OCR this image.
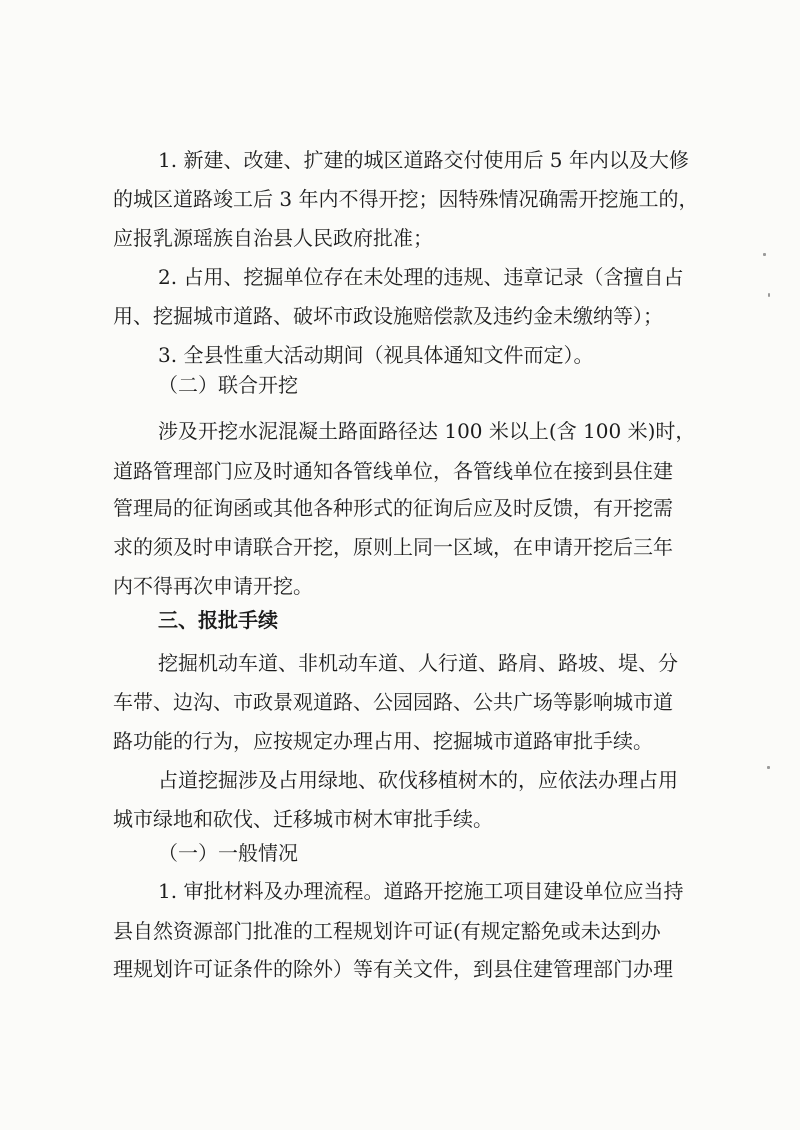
1. 新建、改建、扩建的城区道路交付使用后 5 年内以及大修
的城区道路竣工后 3 年内不得开挖；因特殊情况确需开挖施工的，
应报乳源瑶族自治县人民政府批准；
2. 占用、挖掘单位存在未处理的违规、违章记录（含擅自占
用、挖掘城市道路、破坏市政设施赔偿款及违约金未缴纳等）；
3. 全县性重大活动期间（视具体通知文件而定）。
（二）联合开挖
涉及开挖水泥混凝土路面路径达 100 米以上(含 100 米)时，
道路管理部门应及时通知各管线单位，各管线单位在接到县住建
管理局的征询函或其他各种形式的征询后应及时反馈，有开挖需
求的须及时申请联合开挖，原则上同一区域，在申请开挖后三年
内不得再次申请开挖。
三、报批手续
挖掘机动车道、非机动车道、人行道、路肩、路坡、堤、分
车带、边沟、市政景观道路、公园园路、公共广场等影响城市道
路功能的行为，应按规定办理占用、挖掘城市道路审批手续。
占道挖掘涉及占用绿地、砍伐移植树木的，应依法办理占用
城市绿地和砍伐、迁移城市树木审批手续。
（一）一般情况
1. 审批材料及办理流程。道路开挖施工项目建设单位应当持
县自然资源部门批准的工程规划许可证(有规定豁免或未达到办
理规划许可证条件的除外）等有关文件，到县住建管理部门办理
